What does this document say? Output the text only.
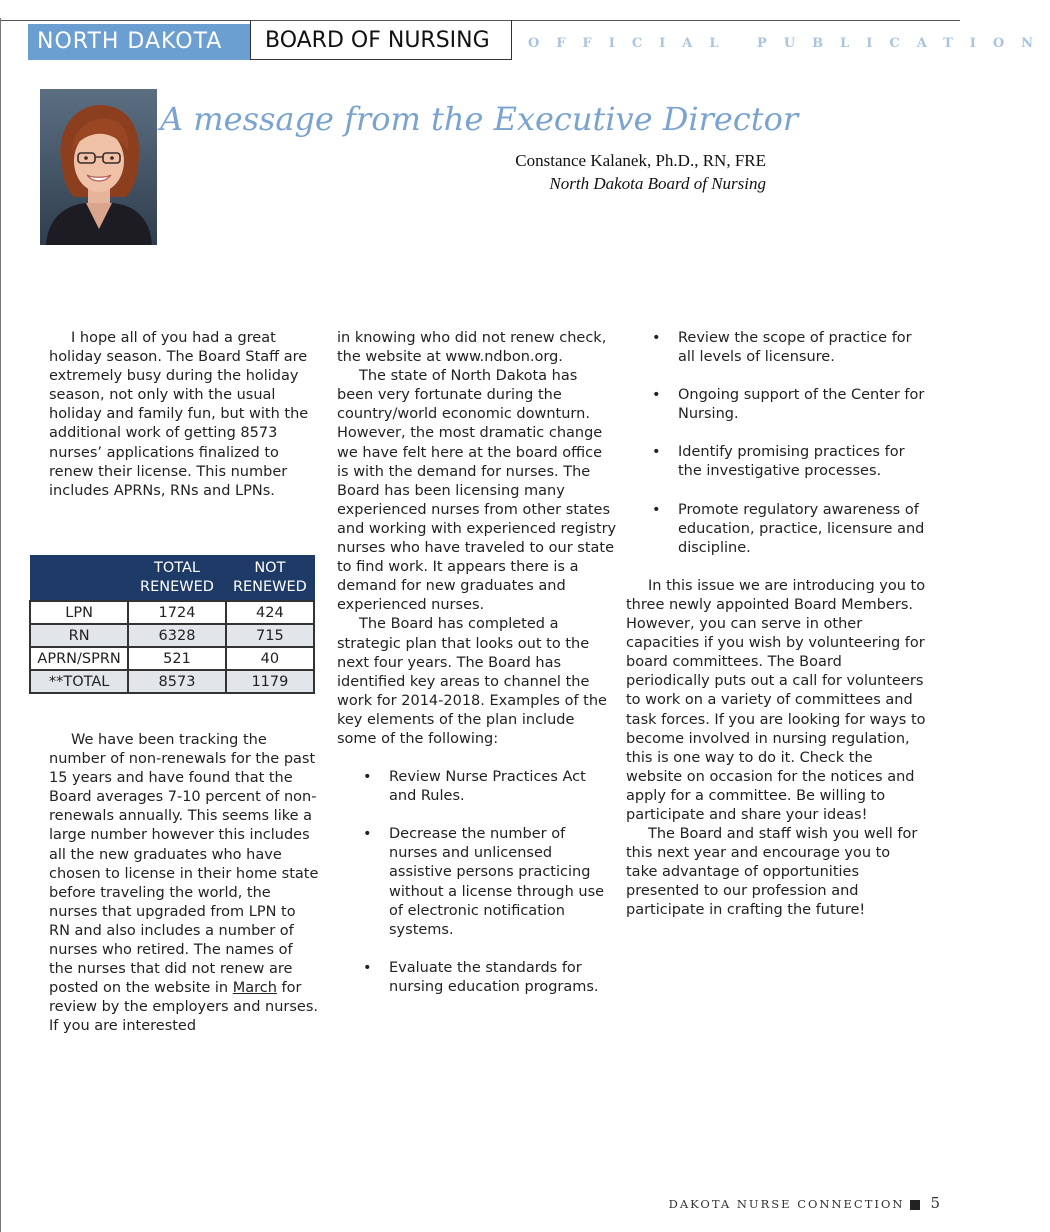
NORTH DAKOTA	BOARD OF NURSING	OFFICIAL PUBLICATION
A message from the Executive Director
Constance Kalanek, Ph.D., RN, FRE
North Dakota Board of Nursing

I hope all of you had a great holiday season. The Board Staff are extremely busy during the holiday season, not only with the usual holiday and family fun, but with the additional work of getting 8573 nurses’ applications finalized to renew their license. This number includes APRNs, RNs and LPNs.

We have been tracking the number of non-renewals for the past 15 years and have found that the Board averages 7-10 percent of non-renewals annually. This seems like a large number however this includes all the new graduates who have chosen to license in their home state before traveling the world, the nurses that upgraded from LPN to RN and also includes a number of nurses who retired. The names of the nurses that did not renew are posted on the website in March for review by the employers and nurses. If you are interested

	TOTAL RENEWED	NOT RENEWED
LPN	1724	424
RN	6328	715
APRN/SPRN	521	40
**TOTAL	8573	1179

in knowing who did not renew check, the website at www.ndbon.org.

The state of North Dakota has been very fortunate during the country/world economic downturn. However, the most dramatic change we have felt here at the board office is with the demand for nurses. The Board has been licensing many experienced nurses from other states and working with experienced registry nurses who have traveled to our state to find work. It appears there is a demand for new graduates and experienced nurses.

The Board has completed a strategic plan that looks out to the next four years. The Board has identified key areas to channel the work for 2014-2018. Examples of the key elements of the plan include some of the following:

• Review Nurse Practices Act and Rules.
• Decrease the number of nurses and unlicensed assistive persons practicing without a license through use of electronic notification systems.
• Evaluate the standards for nursing education programs.
• Review the scope of practice for all levels of licensure.
• Ongoing support of the Center for Nursing.
• Identify promising practices for the investigative processes.
• Promote regulatory awareness of education, practice, licensure and discipline.

In this issue we are introducing you to three newly appointed Board Members. However, you can serve in other capacities if you wish by volunteering for board committees. The Board periodically puts out a call for volunteers to work on a variety of committees and task forces. If you are looking for ways to become involved in nursing regulation, this is one way to do it. Check the website on occasion for the notices and apply for a committee. Be willing to participate and share your ideas!

The Board and staff wish you well for this next year and encourage you to take advantage of opportunities presented to our profession and participate in crafting the future!

DAKOTA NURSE CONNECTION 5
